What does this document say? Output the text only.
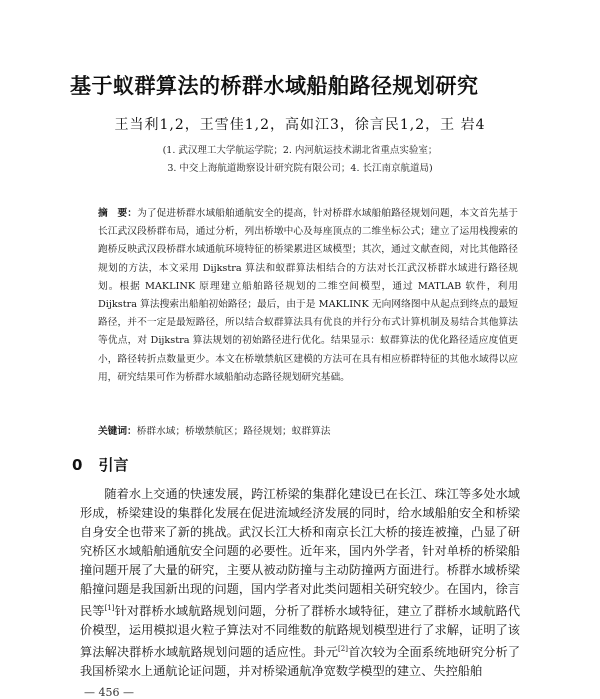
基于蚁群算法的桥群水域船舶路径规划研究
王当利1,2，王雪佳1,2，高如江3，徐言民1,2，王 岩4
(1. 武汉理工大学航运学院；2. 内河航运技术湖北省重点实验室；
3. 中交上海航道勘察设计研究院有限公司；4. 长江南京航道局)
摘　要：为了促进桥群水域船舶通航安全的提高，针对桥群水域船舶路径规划问题，本文首先基于长江武汉段桥群布局，通过分析，列出桥墩中心及每座顶点的二维坐标公式；建立了运用栈搜索的跑桥反映武汉段桥群水域通航环境特征的桥梁累进区域模型；其次，通过文献查阅，对比其他路径规划的方法，本文采用 Dijkstra 算法和蚁群算法相结合的方法对长江武汉桥群水域进行路径规划。根据 MAKLINK 原理建立船舶路径规划的二维空间模型，通过 MATLAB 软件，利用 Dijkstra 算法搜索出船舶初始路径；最后，由于是 MAKLINK 无向网络图中从起点到终点的最短路径，并不一定是最短路径，所以结合蚁群算法具有优良的并行分布式计算机制及易结合其他算法等优点，对 Dijkstra 算法规划的初始路径进行优化。结果显示：蚁群算法的优化路径适应度值更小，路径转折点数量更少。本文在桥墩禁航区建模的方法可在具有相应桥群特征的其他水域得以应用，研究结果可作为桥群水域船舶动态路径规划研究基础。
关键词：桥群水域；桥墩禁航区；路径规划；蚁群算法
0 引言

随着水上交通的快速发展，跨江桥梁的集群化建设已在长江、珠江等多处水域形成，桥梁建设的集群化发展在促进流域经济发展的同时，给水域船舶安全和桥梁自身安全也带来了新的挑战。武汉长江大桥和南京长江大桥的接连被撞，凸显了研究桥区水域船舶通航安全问题的必要性。近年来，国内外学者，针对单桥的桥梁船撞问题开展了大量的研究，主要从被动防撞与主动防撞两方面进行。桥群水域桥梁船撞问题是我国新出现的问题，国内学者对此类问题相关研究较少。在国内，徐言民等[1]针对群桥水域航路规划问题，分析了群桥水域特征，建立了群桥水域航路代价模型，运用模拟退火粒子算法对不同维数的航路规划模型进行了求解，证明了该算法解决群桥水域航路规划问题的适应性。卦元[2]首次较为全面系统地研究分析了我国桥梁水上通航论证问题，并对桥梁通航净宽数学模型的建立、失控船舶

— 456 —
